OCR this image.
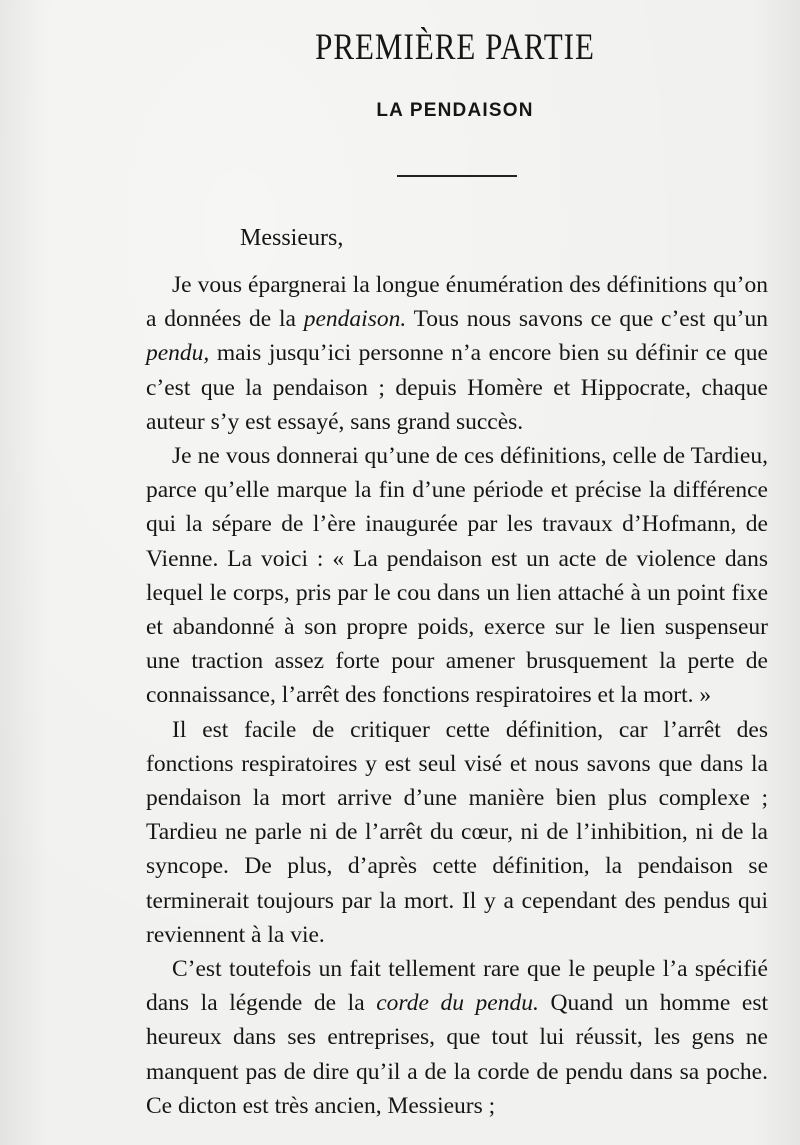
PREMIÈRE PARTIE
LA PENDAISON
Messieurs,

Je vous épargnerai la longue énumération des définitions qu’on a données de la pendaison. Tous nous savons ce que c’est qu’un pendu, mais jusqu’ici personne n’a encore bien su définir ce que c’est que la pendaison ; depuis Homère et Hippocrate, chaque auteur s’y est essayé, sans grand succès.

Je ne vous donnerai qu’une de ces définitions, celle de Tardieu, parce qu’elle marque la fin d’une période et précise la différence qui la sépare de l’ère inaugurée par les travaux d’Hofmann, de Vienne. La voici : « La pendaison est un acte de violence dans lequel le corps, pris par le cou dans un lien attaché à un point fixe et abandonné à son propre poids, exerce sur le lien suspenseur une traction assez forte pour amener brusquement la perte de connaissance, l’arrêt des fonctions respiratoires et la mort. »

Il est facile de critiquer cette définition, car l’arrêt des fonctions respiratoires y est seul visé et nous savons que dans la pendaison la mort arrive d’une manière bien plus complexe ; Tardieu ne parle ni de l’arrêt du cœur, ni de l’inhibition, ni de la syncope. De plus, d’après cette définition, la pendaison se terminerait toujours par la mort. Il y a cependant des pendus qui reviennent à la vie.

C’est toutefois un fait tellement rare que le peuple l’a spécifié dans la légende de la corde du pendu. Quand un homme est heureux dans ses entreprises, que tout lui réussit, les gens ne manquent pas de dire qu’il a de la corde de pendu dans sa poche. Ce dicton est très ancien, Messieurs ;
